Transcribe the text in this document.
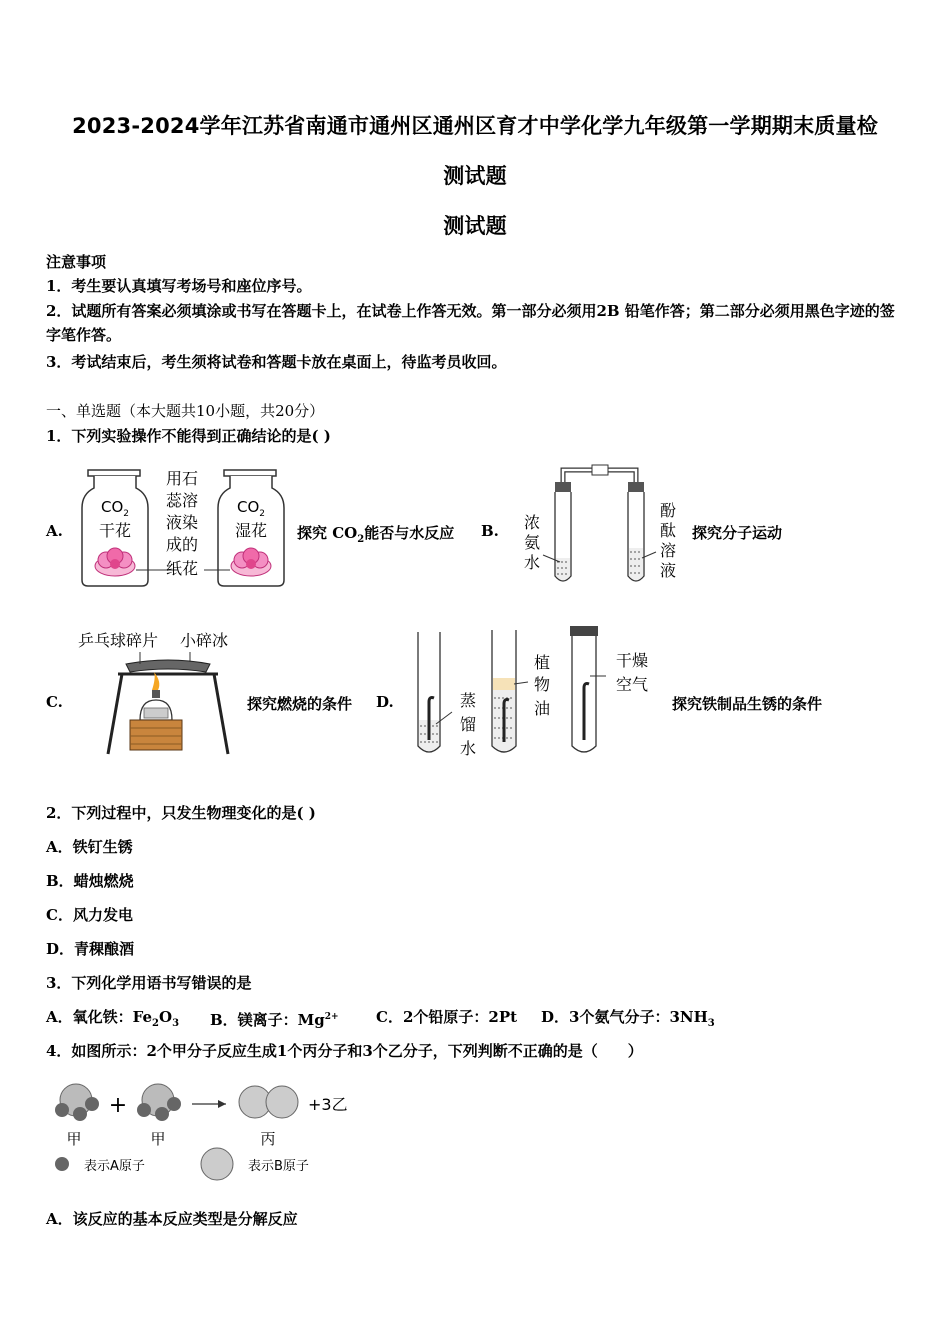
2023-2024学年江苏省南通市通州区通州区育才中学化学九年级第一学期期末质量检
测试题
测试题
注意事项
1．考生要认真填写考场号和座位序号。
2．试题所有答案必须填涂或书写在答题卡上，在试卷上作答无效。第一部分必须用2B 铅笔作答；第二部分必须用黑色字迹的签字笔作答。
3．考试结束后，考生须将试卷和答题卡放在桌面上，待监考员收回。
一、单选题（本大题共10小题，共20分）
1．下列实验操作不能得到正确结论的是( )
A.
$CO_2$
干花
$CO_2$
湿花
用石
蕊溶
液染
成的
纸花
探究 $CO_2$能否与水反应 B. 浓
氨
水
酚
酞
溶
液
探究分子运动
C.
乒乓球碎片 小碎冰
探究燃烧的条件 D.	蒸
馏
水
植
物
油
干燥
空气
探究铁制品生锈的条件
2．下列过程中，只发生物理变化的是( )
A．铁钉生锈
B．蜡烛燃烧
C．风力发电
D．青稞酿酒
3．下列化学用语书写错误的是
A．氧化铁：$Fe_2O_3$ B．镁离子：$Mg^{2+}$ C．2个铅原子：2Pt D．3个氨气分子：$3NH_3$
4．如图所示：2个甲分子反应生成1个丙分子和3个乙分子，下列判断不正确的是（　　）
+	+3乙
甲	甲	丙
表示A原子	表示B原子
A．该反应的基本反应类型是分解反应
